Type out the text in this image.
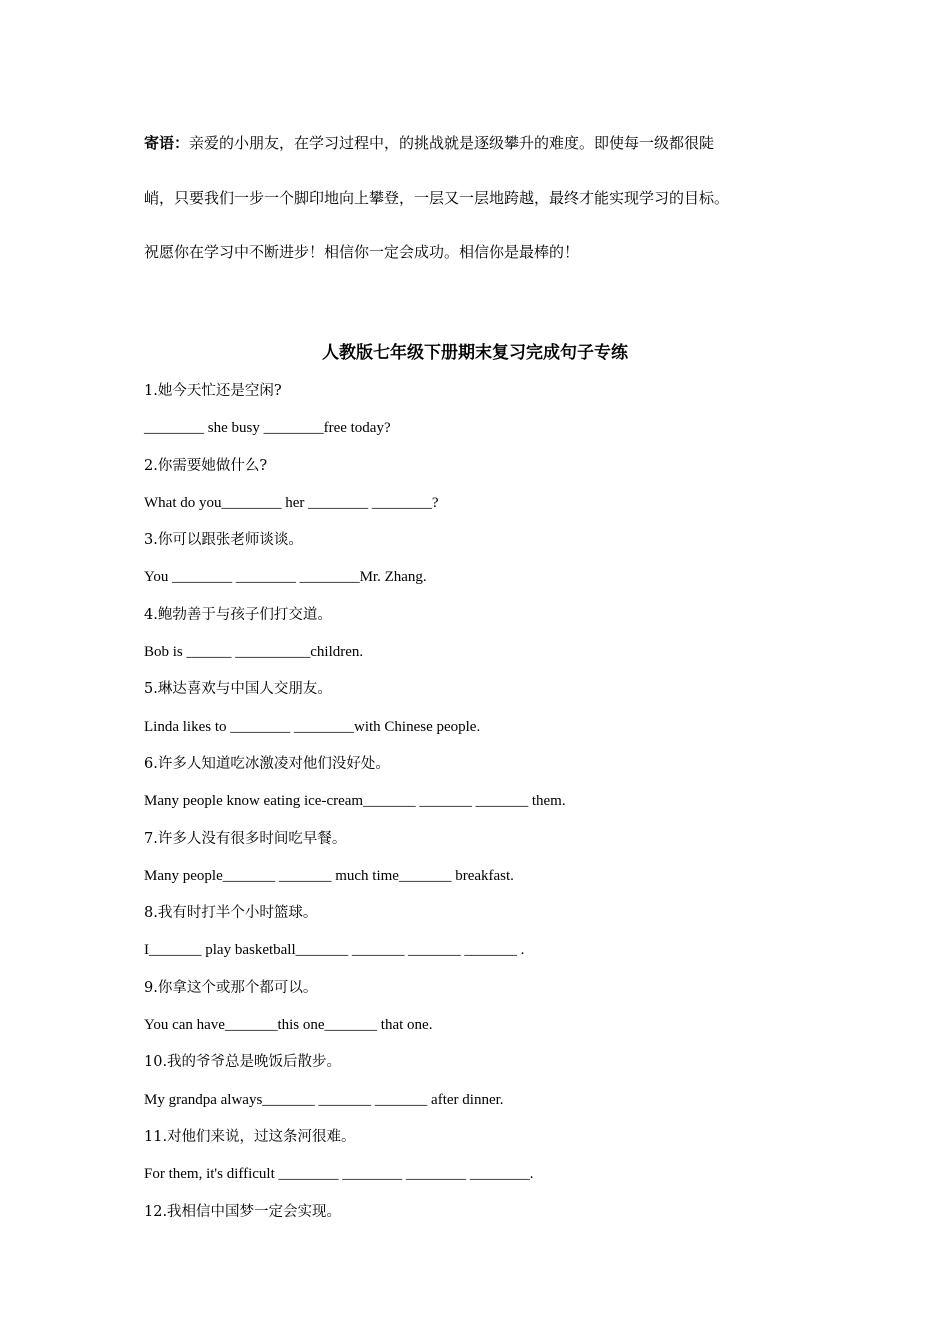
寄语：亲爱的小朋友，在学习过程中，的挑战就是逐级攀升的难度。即使每一级都很陡
峭，只要我们一步一个脚印地向上攀登，一层又一层地跨越，最终才能实现学习的目标。
祝愿你在学习中不断进步！相信你一定会成功。相信你是最棒的！
人教版七年级下册期末复习完成句子专练
1.她今天忙还是空闲?
________ she busy ________free today?
2.你需要她做什么?
What do you________ her ________ ________?
3.你可以跟张老师谈谈。
You ________ ________ ________Mr. Zhang.
4.鲍勃善于与孩子们打交道。
Bob is ______ __________children.
5.琳达喜欢与中国人交朋友。
Linda likes to ________ ________with Chinese people.
6.许多人知道吃冰激凌对他们没好处。
Many people know eating ice-cream_______ _______ _______ them.
7.许多人没有很多时间吃早餐。
Many people_______ _______ much time_______ breakfast.
8.我有时打半个小时篮球。
I_______ play basketball_______ _______ _______ _______ .
9.你拿这个或那个都可以。
You can have_______this one_______ that one.
10.我的爷爷总是晚饭后散步。
My grandpa always_______ _______ _______ after dinner.
11.对他们来说，过这条河很难。
For them, it's difficult ________ ________ ________ ________.
12.我相信中国梦一定会实现。
